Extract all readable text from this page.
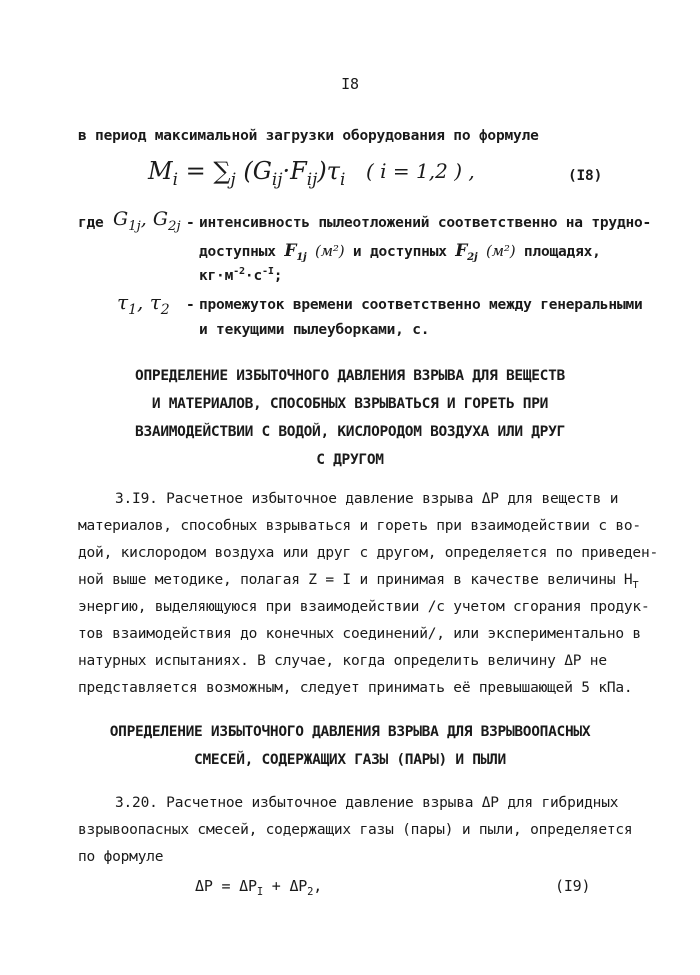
I8
в период максимальной загрузки оборудования по формуле
$M_i = \sum_j$ $(G_{ij}\cdot F_{ij})\tau_i$ ( i = 1,2 ) ,	(I8)
где $G_{1j}$, $G_{2j}$ - интенсивность пылеотложений соответственно на трудно-
доступных $F_{1j}$ (м²) и доступных $F_{2j}$ (м²) площадях,
$кг\cdot м^{-2}\cdot с^{-I}$;
$\tau_1$, $\tau_2$ - промежуток времени соответственно между генеральными
и текущими пылеуборками, с.
ОПРЕДЕЛЕНИЕ ИЗБЫТОЧНОГО ДАВЛЕНИЯ ВЗРЫВА ДЛЯ ВЕЩЕСТВ
И МАТЕРИАЛОВ, СПОСОБНЫХ ВЗРЫВАТЬСЯ И ГОРЕТЬ ПРИ
ВЗАИМОДЕЙСТВИИ С ВОДОЙ, КИСЛОРОДОМ ВОЗДУХА ИЛИ ДРУГ
С ДРУГОМ
3.I9. Расчетное избыточное давление взрыва ΔP для веществ и
материалов, способных взрываться и гореть при взаимодействии с во-
дой, кислородом воздуха или друг с другом, определяется по приведен-
ной выше методике, полагая Z = I и принимая в качестве величины $H_T$
энергию, выделяющуюся при взаимодействии /с учетом сгорания продук-
тов взаимодействия до конечных соединений/, или экспериментально в
натурных испытаниях. В случае, когда определить величину ΔP не
представляется возможным, следует принимать её превышающей 5 кПа.
ОПРЕДЕЛЕНИЕ ИЗБЫТОЧНОГО ДАВЛЕНИЯ ВЗРЫВА ДЛЯ ВЗРЫВООПАСНЫХ
СМЕСЕЙ, СОДЕРЖАЩИХ ГАЗЫ (ПАРЫ) И ПЫЛИ
3.20. Расчетное избыточное давление взрыва ΔP для гибридных
взрывоопасных смесей, содержащих газы (пары) и пыли, определяется
по формуле
$\Delta P = \Delta P_I + \Delta P_2$,	(I9)
